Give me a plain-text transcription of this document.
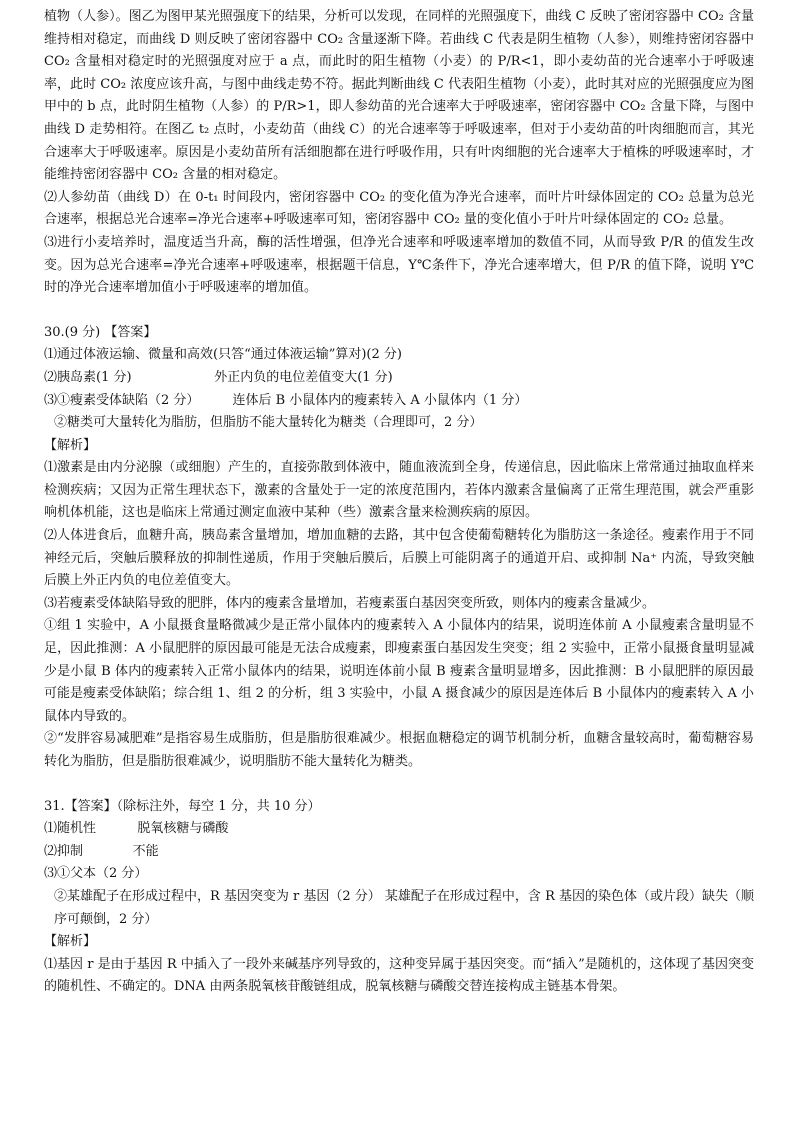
植物（人参）。图乙为图甲某光照强度下的结果，分析可以发现，在同样的光照强度下，曲线 C 反映了密闭容器中 CO₂ 含量维持相对稳定，而曲线 D 则反映了密闭容器中 CO₂ 含量逐渐下降。若曲线 C 代表是阴生植物（人参），则维持密闭容器中 CO₂ 含量相对稳定时的光照强度对应于 a 点，而此时的阳生植物（小麦）的 P/R<1，即小麦幼苗的光合速率小于呼吸速率，此时 CO₂ 浓度应该升高，与图中曲线走势不符。据此判断曲线 C 代表阳生植物（小麦），此时其对应的光照强度应为图甲中的 b 点，此时阴生植物（人参）的 P/R>1，即人参幼苗的光合速率大于呼吸速率，密闭容器中 CO₂ 含量下降，与图中曲线 D 走势相符。在图乙 t₂ 点时，小麦幼苗（曲线 C）的光合速率等于呼吸速率，但对于小麦幼苗的叶肉细胞而言，其光合速率大于呼吸速率。原因是小麦幼苗所有活细胞都在进行呼吸作用，只有叶肉细胞的光合速率大于植株的呼吸速率时，才能维持密闭容器中 CO₂ 含量的相对稳定。

⑵人参幼苗（曲线 D）在 0-t₁ 时间段内，密闭容器中 CO₂ 的变化值为净光合速率，而叶片叶绿体固定的 CO₂ 总量为总光合速率，根据总光合速率=净光合速率+呼吸速率可知，密闭容器中 CO₂ 量的变化值小于叶片叶绿体固定的 CO₂ 总量。

⑶进行小麦培养时，温度适当升高，酶的活性增强，但净光合速率和呼吸速率增加的数值不同，从而导致 P/R 的值发生改变。因为总光合速率=净光合速率+呼吸速率，根据题干信息，Y℃条件下，净光合速率增大，但 P/R 的值下降，说明 Y℃时的净光合速率增加值小于呼吸速率的增加值。

30.(9 分) 【答案】

⑴通过体液运输、微量和高效(只答“通过体液运输”算对)(2 分)

⑵胰岛素(1 分)                    外正内负的电位差值变大(1 分)

⑶①瘦素受体缺陷（2 分）        连体后 B 小鼠体内的瘦素转入 A 小鼠体内（1 分）

②糖类可大量转化为脂肪，但脂肪不能大量转化为糖类（合理即可，2 分）

【解析】

⑴激素是由内分泌腺（或细胞）产生的，直接弥散到体液中，随血液流到全身，传递信息，因此临床上常常通过抽取血样来检测疾病；又因为正常生理状态下，激素的含量处于一定的浓度范围内，若体内激素含量偏离了正常生理范围，就会严重影响机体机能，这也是临床上常通过测定血液中某种（些）激素含量来检测疾病的原因。

⑵人体进食后，血糖升高，胰岛素含量增加，增加血糖的去路，其中包含使葡萄糖转化为脂肪这一条途径。瘦素作用于不同神经元后，突触后膜释放的抑制性递质，作用于突触后膜后，后膜上可能阴离子的通道开启、或抑制 Na⁺ 内流，导致突触后膜上外正内负的电位差值变大。

⑶若瘦素受体缺陷导致的肥胖，体内的瘦素含量增加，若瘦素蛋白基因突变所致，则体内的瘦素含量减少。

①组 1 实验中，A 小鼠摄食量略微减少是正常小鼠体内的瘦素转入 A 小鼠体内的结果，说明连体前 A 小鼠瘦素含量明显不足，因此推测：A 小鼠肥胖的原因最可能是无法合成瘦素，即瘦素蛋白基因发生突变；组 2 实验中，正常小鼠摄食量明显减少是小鼠 B 体内的瘦素转入正常小鼠体内的结果，说明连体前小鼠 B 瘦素含量明显增多，因此推测：B 小鼠肥胖的原因最可能是瘦素受体缺陷；综合组 1、组 2 的分析，组 3 实验中，小鼠 A 摄食减少的原因是连体后 B 小鼠体内的瘦素转入 A 小鼠体内导致的。

②“发胖容易减肥难”是指容易生成脂肪，但是脂肪很难减少。根据血糖稳定的调节机制分析，血糖含量较高时，葡萄糖容易转化为脂肪，但是脂肪很难减少，说明脂肪不能大量转化为糖类。

31.【答案】（除标注外，每空 1 分，共 10 分）

⑴随机性          脱氧核糖与磷酸

⑵抑制            不能

⑶①父本（2 分）

②某雄配子在形成过程中，R 基因突变为 r 基因（2 分） 某雄配子在形成过程中，含 R 基因的染色体（或片段）缺失（顺序可颠倒，2 分）

【解析】

⑴基因 r 是由于基因 R 中插入了一段外来碱基序列导致的，这种变异属于基因突变。而“插入”是随机的，这体现了基因突变的随机性、不确定的。DNA 由两条脱氧核苷酸链组成，脱氧核糖与磷酸交替连接构成主链基本骨架。
